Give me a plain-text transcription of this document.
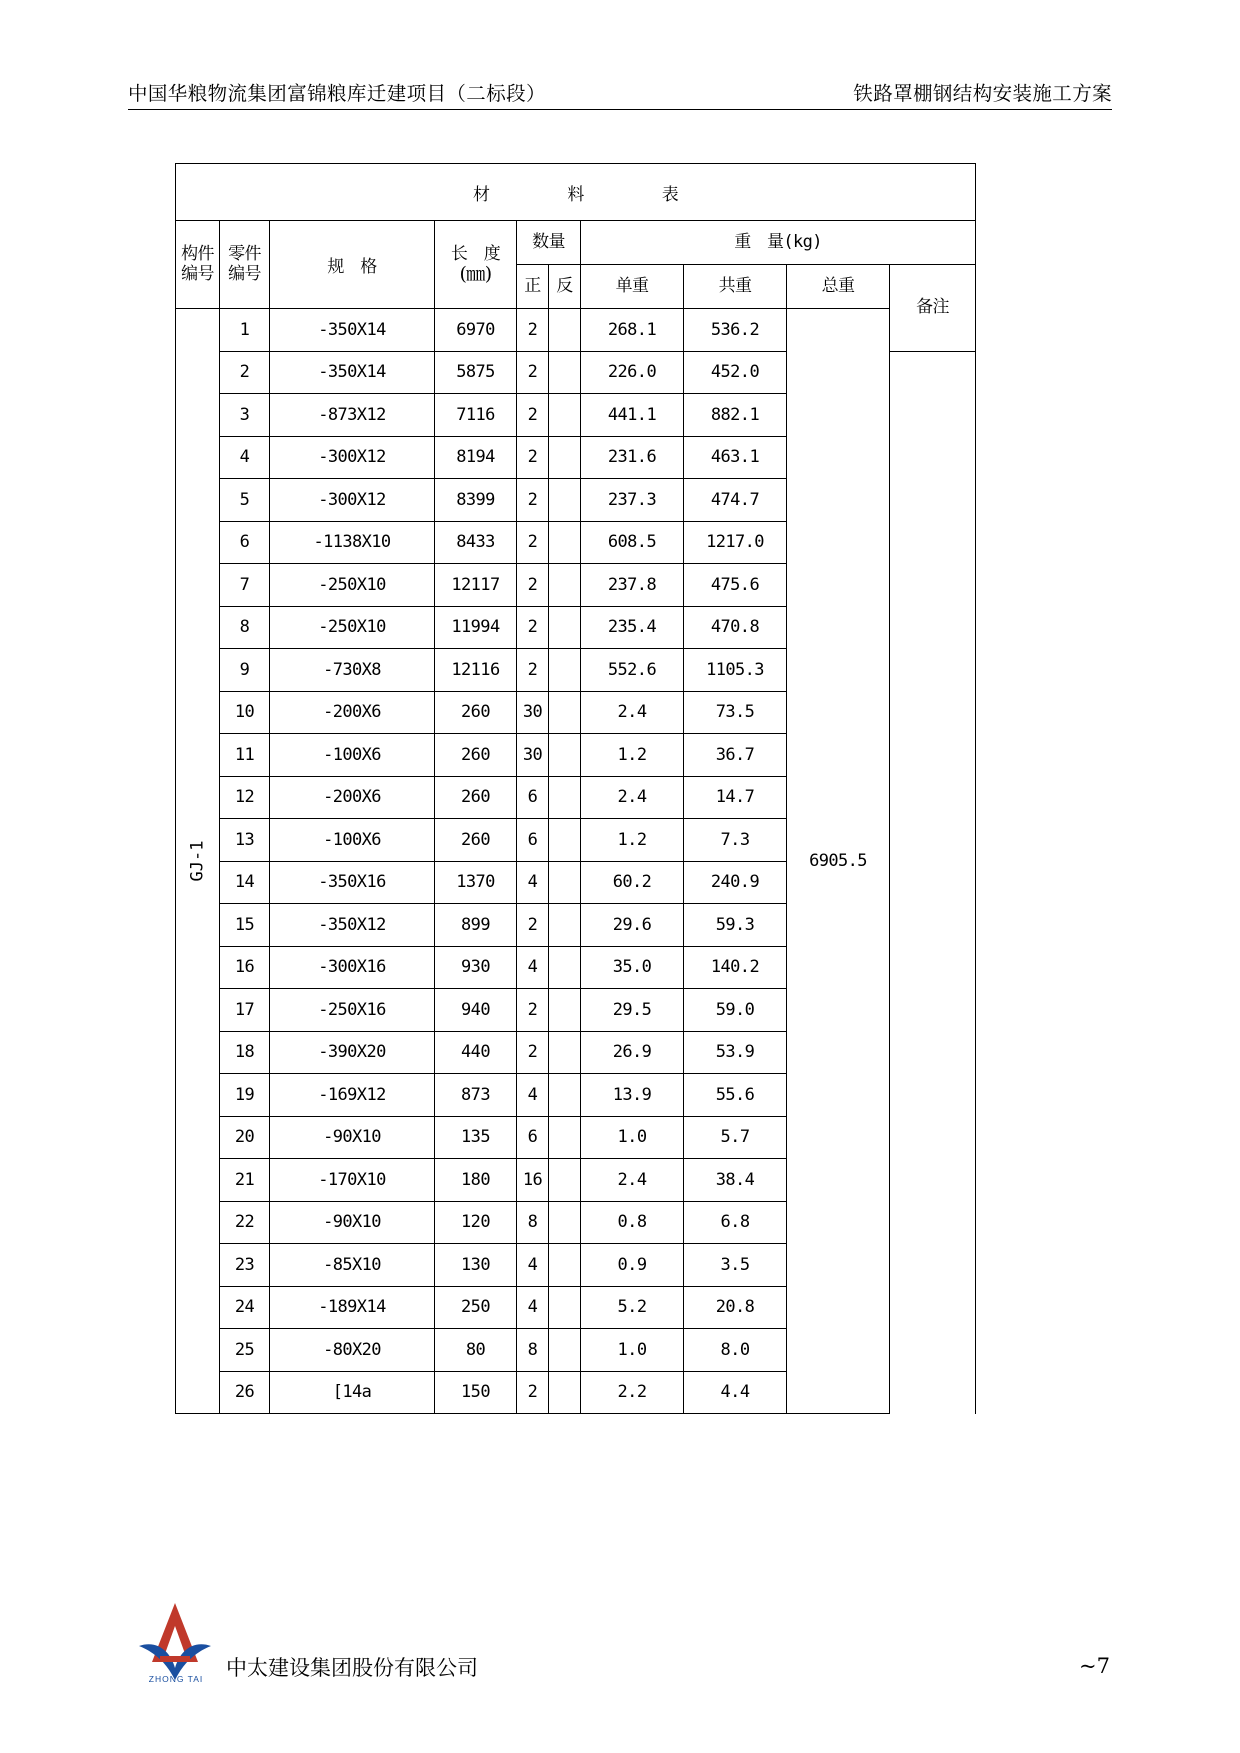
中国华粮物流集团富锦粮库迁建项目（二标段）	铁路罩棚钢结构安装施工方案
材 料 表										

构件
编号	零件
编号	规　格	长　度
(㎜)	数量		重　量(kg)				
				正	反	单重	共重	总重	备注	
GJ-1	1	-350X14	6970	2		268.1	536.2	6905.5		
	2	-350X14	5875	2		226.0	452.0			
	3	-873X12	7116	2		441.1	882.1			
	4	-300X12	8194	2		231.6	463.1			
	5	-300X12	8399	2		237.3	474.7			
	6	-1138X10	8433	2		608.5	1217.0			
	7	-250X10	12117	2		237.8	475.6			
	8	-250X10	11994	2		235.4	470.8			
	9	-730X8	12116	2		552.6	1105.3			
	10	-200X6	260	30		2.4	73.5			
	11	-100X6	260	30		1.2	36.7			
	12	-200X6	260	6		2.4	14.7			
	13	-100X6	260	6		1.2	7.3			
	14	-350X16	1370	4		60.2	240.9			
	15	-350X12	899	2		29.6	59.3			
	16	-300X16	930	4		35.0	140.2			
	17	-250X16	940	2		29.5	59.0			
	18	-390X20	440	2		26.9	53.9			
	19	-169X12	873	4		13.9	55.6			
	20	-90X10	135	6		1.0	5.7			
	21	-170X10	180	16		2.4	38.4			
	22	-90X10	120	8		0.8	6.8			
	23	-85X10	130	4		0.9	3.5			
	24	-189X14	250	4		5.2	20.8			
	25	-80X20	80	8		1.0	8.0			
	26	[14a	150	2		2.2	4.4			
ZHONG TAI	中太建设集团股份有限公司	~7
